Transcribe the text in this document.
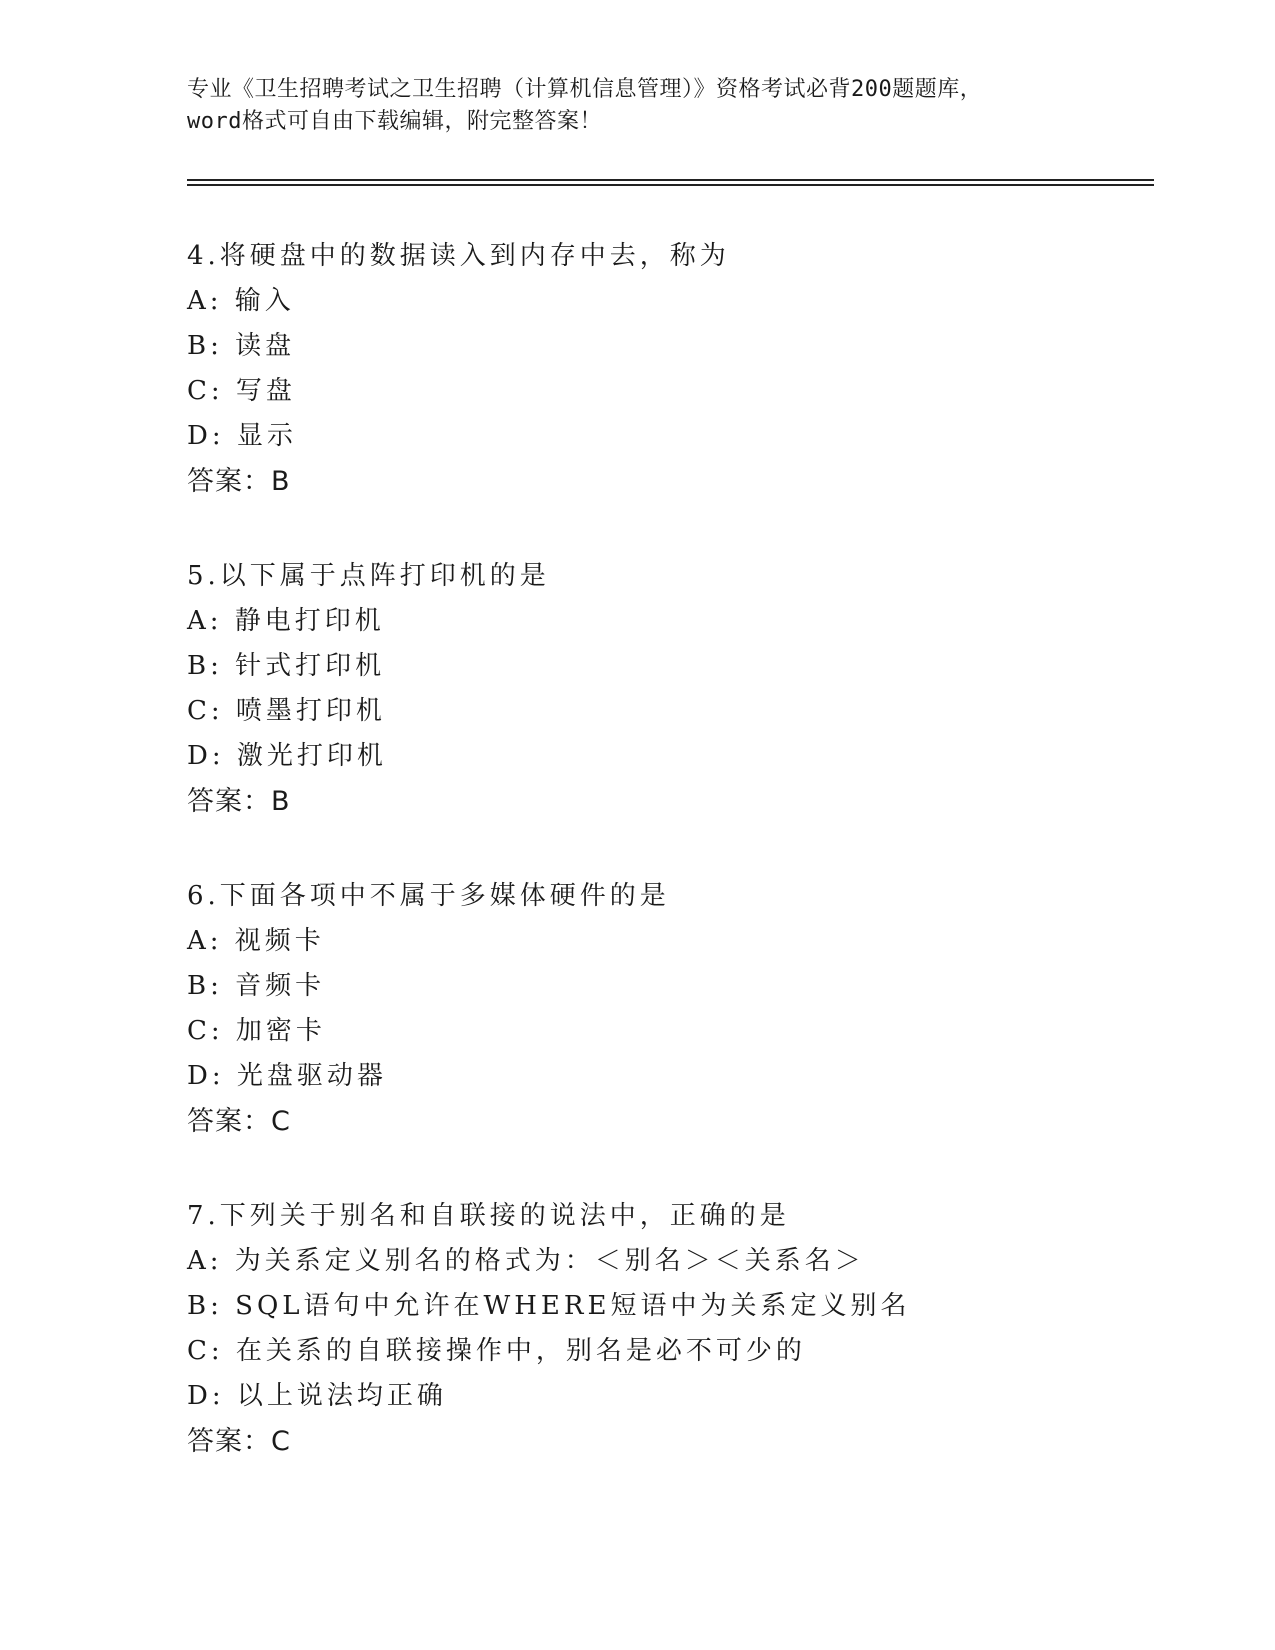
专业《卫生招聘考试之卫生招聘（计算机信息管理）》资格考试必背200题题库，
word格式可自由下载编辑，附完整答案！
4.将硬盘中的数据读入到内存中去，称为
A: 输入
B: 读盘
C: 写盘
D: 显示
答案：B
5.以下属于点阵打印机的是
A: 静电打印机
B: 针式打印机
C: 喷墨打印机
D: 激光打印机
答案：B
6.下面各项中不属于多媒体硬件的是
A: 视频卡
B: 音频卡
C: 加密卡
D: 光盘驱动器
答案：C
7.下列关于别名和自联接的说法中，正确的是
A: 为关系定义别名的格式为：＜别名＞＜关系名＞
B: SQL语句中允许在WHERE短语中为关系定义别名
C: 在关系的自联接操作中，别名是必不可少的
D: 以上说法均正确
答案：C
